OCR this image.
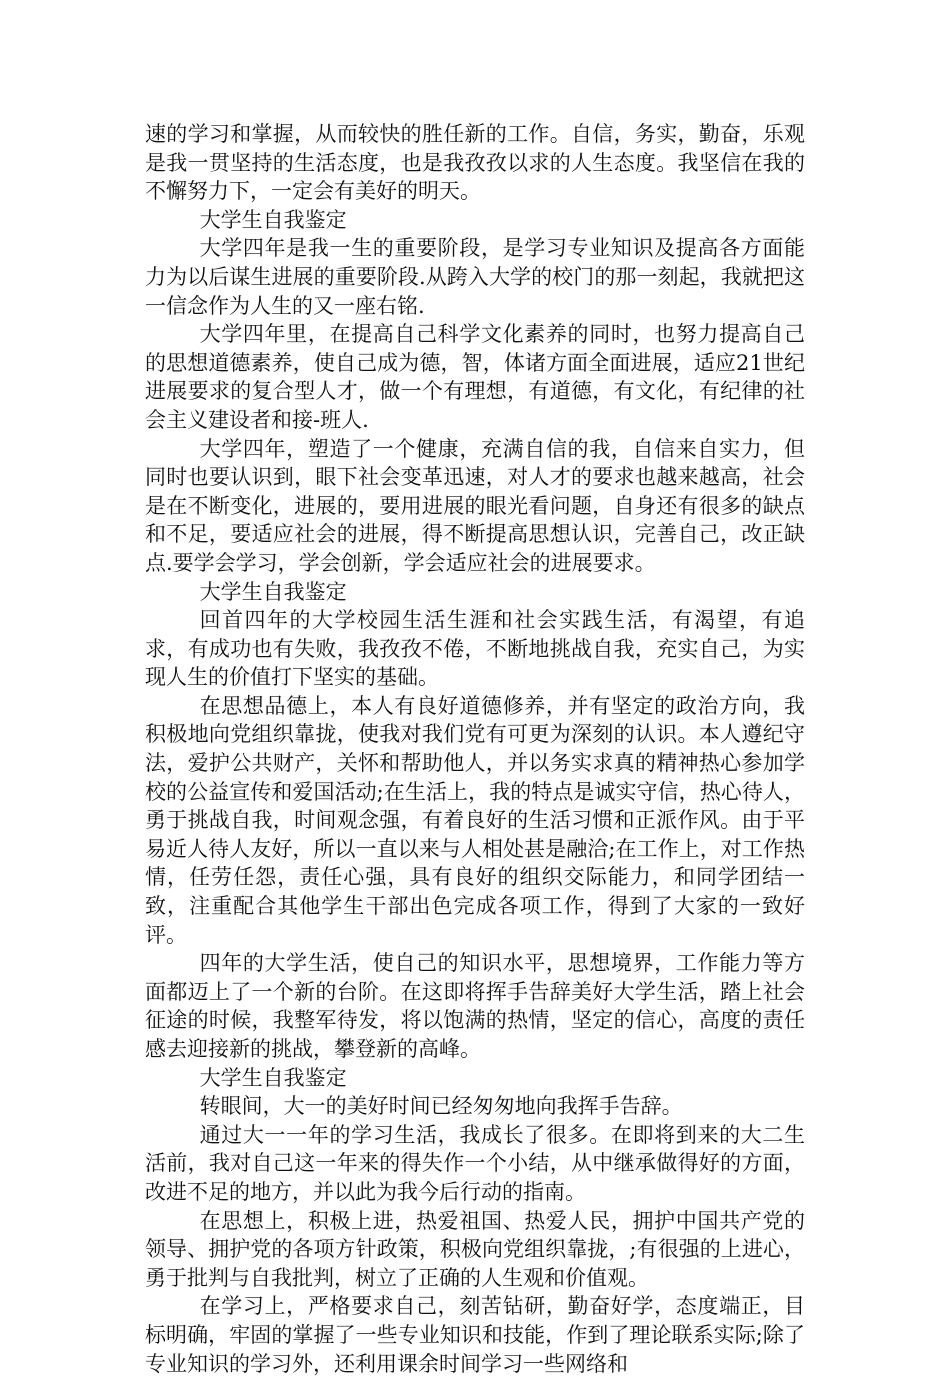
速的学习和掌握，从而较快的胜任新的工作。自信，务实，勤奋，乐观是我一贯坚持的生活态度，也是我孜孜以求的人生态度。我坚信在我的不懈努力下，一定会有美好的明天。

大学生自我鉴定

大学四年是我一生的重要阶段，是学习专业知识及提高各方面能力为以后谋生进展的重要阶段.从跨入大学的校门的那一刻起，我就把这一信念作为人生的又一座右铭.

大学四年里，在提高自己科学文化素养的同时，也努力提高自己的思想道德素养，使自己成为德，智，体诸方面全面进展，适应21世纪进展要求的复合型人才，做一个有理想，有道德，有文化，有纪律的社会主义建设者和接-班人.

大学四年，塑造了一个健康，充满自信的我，自信来自实力，但同时也要认识到，眼下社会变革迅速，对人才的要求也越来越高，社会是在不断变化，进展的，要用进展的眼光看问题，自身还有很多的缺点和不足，要适应社会的进展，得不断提高思想认识，完善自己，改正缺点.要学会学习，学会创新，学会适应社会的进展要求。

大学生自我鉴定

回首四年的大学校园生活生涯和社会实践生活，有渴望，有追求，有成功也有失败，我孜孜不倦，不断地挑战自我，充实自己，为实现人生的价值打下坚实的基础。

在思想品德上，本人有良好道德修养，并有坚定的政治方向，我积极地向党组织靠拢，使我对我们党有可更为深刻的认识。本人遵纪守法，爱护公共财产，关怀和帮助他人，并以务实求真的精神热心参加学校的公益宣传和爱国活动;在生活上，我的特点是诚实守信，热心待人，勇于挑战自我，时间观念强，有着良好的生活习惯和正派作风。由于平易近人待人友好，所以一直以来与人相处甚是融洽;在工作上，对工作热情，任劳任怨，责任心强，具有良好的组织交际能力，和同学团结一致，注重配合其他学生干部出色完成各项工作，得到了大家的一致好评。

四年的大学生活，使自己的知识水平，思想境界，工作能力等方面都迈上了一个新的台阶。在这即将挥手告辞美好大学生活，踏上社会征途的时候，我整军待发，将以饱满的热情，坚定的信心，高度的责任感去迎接新的挑战，攀登新的高峰。

大学生自我鉴定

转眼间，大一的美好时间已经匆匆地向我挥手告辞。

通过大一一年的学习生活，我成长了很多。在即将到来的大二生活前，我对自己这一年来的得失作一个小结，从中继承做得好的方面，改进不足的地方，并以此为我今后行动的指南。

在思想上，积极上进，热爱祖国、热爱人民，拥护中国共产党的领导、拥护党的各项方针政策，积极向党组织靠拢，;有很强的上进心，勇于批判与自我批判，树立了正确的人生观和价值观。

在学习上，严格要求自己，刻苦钻研，勤奋好学，态度端正，目标明确，牢固的掌握了一些专业知识和技能，作到了理论联系实际;除了专业知识的学习外，还利用课余时间学习一些网络和
